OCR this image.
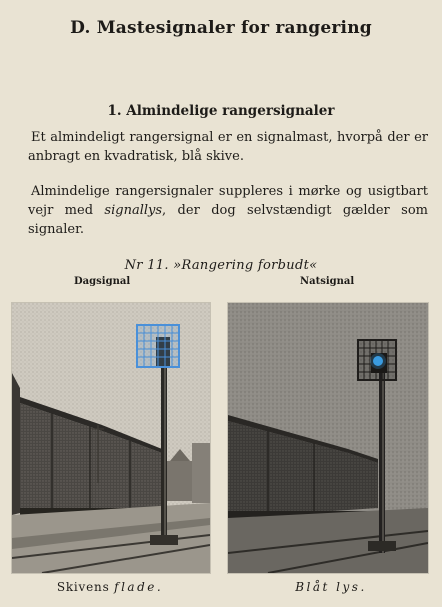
D. Mastesignaler for rangering
1. Almindelige rangersignaler
Et almindeligt rangersignal er en signalmast, hvorpå der er anbragt en kvadratisk, blå skive.
Almindelige rangersignaler suppleres i mørke og usigtbart vejr med signallys, der dog selvstændigt gælder som signaler.
Nr 11. »Rangering forbudt«
Dagsignal	Natsignal
Skivens flade.	Blåt lys.
